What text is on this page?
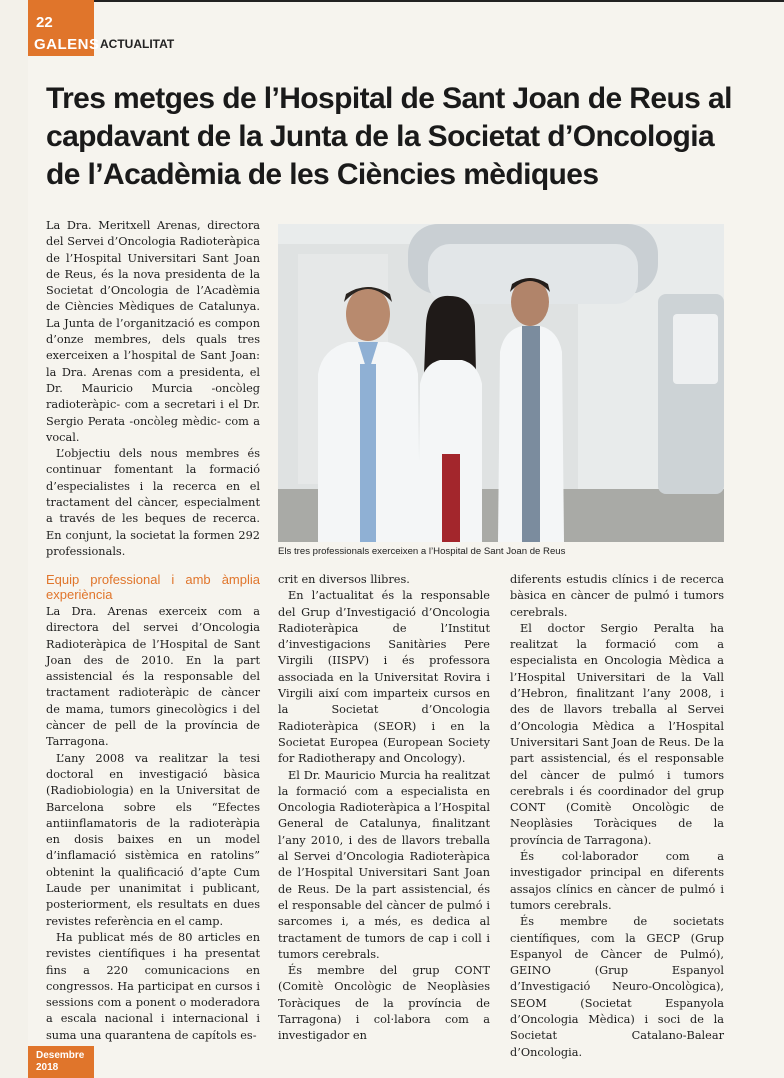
22
GALENS ACTUALITAT
Tres metges de l’Hospital de Sant Joan de Reus al
capdavant de la Junta de la Societat d’Oncologia
de l’Acadèmia de les Ciències mèdiques

La Dra. Meritxell Arenas, directora del Servei d’Oncologia Radioteràpica de l’Hospital Universitari Sant Joan de Reus, és la nova presidenta de la Societat d’Oncologia de l’Acadèmia de Ciències Mèdiques de Catalunya. La Junta de l’organització es compon d’onze membres, dels quals tres exerceixen a l’hospital de Sant Joan: la Dra. Arenas com a presidenta, el Dr. Mauricio Murcia -oncòleg radioteràpic- com a secretari i el Dr. Sergio Perata -oncòleg mèdic- com a vocal.

L’objectiu dels nous membres és continuar fomentant la formació d’especialistes i la recerca en el tractament del càncer, especialment a través de les beques de recerca. En conjunt, la societat la formen 292 professionals.	Els tres professionals exerceixen a l’Hospital de Sant Joan de Reus
Equip professional i amb àmplia experiència

La Dra. Arenas exerceix com a directora del servei d’Oncologia Radioteràpica de l’Hospital de Sant Joan des de 2010. En la part assistencial és la responsable del tractament radioteràpic de càncer de mama, tumors ginecològics i del càncer de pell de la província de Tarragona.

L’any 2008 va realitzar la tesi doctoral en investigació bàsica (Radiobiologia) en la Universitat de Barcelona sobre els “Efectes antiinflamatoris de la radioteràpia en dosis baixes en un model d’inflamació sistèmica en ratolins” obtenint la qualificació d’apte Cum Laude per unanimitat i publicant, posteriorment, els resultats en dues revistes referència en el camp.

Ha publicat més de 80 articles en revistes científiques i ha presentat fins a 220 comunicacions en congressos. Ha participat en cursos i sessions com a ponent o moderadora a escala nacional i internacional i suma una quarantena de capítols es-

crit en diversos llibres.

En l’actualitat és la responsable del Grup d’Investigació d’Oncologia Radioteràpica de l’Institut d’investigacions Sanitàries Pere Virgili (IISPV) i és professora associada en la Universitat Rovira i Virgili així com imparteix cursos en la Societat d’Oncologia Radioteràpica (SEOR) i en la Societat Europea (European Society for Radiotherapy and Oncology).

El Dr. Mauricio Murcia ha realitzat la formació com a especialista en Oncologia Radioteràpica a l’Hospital General de Catalunya, finalitzant l’any 2010, i des de llavors treballa al Servei d’Oncologia Radioteràpica de l’Hospital Universitari Sant Joan de Reus. De la part assistencial, és el responsable del càncer de pulmó i sarcomes i, a més, es dedica al tractament de tumors de cap i coll i tumors cerebrals.

És membre del grup CONT (Comitè Oncològic de Neoplàsies Toràciques de la província de Tarragona) i col·labora com a investigador en

diferents estudis clínics i de recerca bàsica en càncer de pulmó i tumors cerebrals.

El doctor Sergio Peralta ha realitzat la formació com a especialista en Oncologia Mèdica a l’Hospital Universitari de la Vall d’Hebron, finalitzant l’any 2008, i des de llavors treballa al Servei d’Oncologia Mèdica a l’Hospital Universitari Sant Joan de Reus. De la part assistencial, és el responsable del càncer de pulmó i tumors cerebrals i és coordinador del grup CONT (Comitè Oncològic de Neoplàsies Toràciques de la província de Tarragona).

És col·laborador com a investigador principal en diferents assajos clínics en càncer de pulmó i tumors cerebrals.

És membre de societats científiques, com la GECP (Grup Espanyol de Càncer de Pulmó), GEINO (Grup Espanyol d’Investigació Neuro-Oncològica), SEOM (Societat Espanyola d’Oncologia Mèdica) i soci de la Societat Catalano-Balear d’Oncologia.

Desembre
2018
